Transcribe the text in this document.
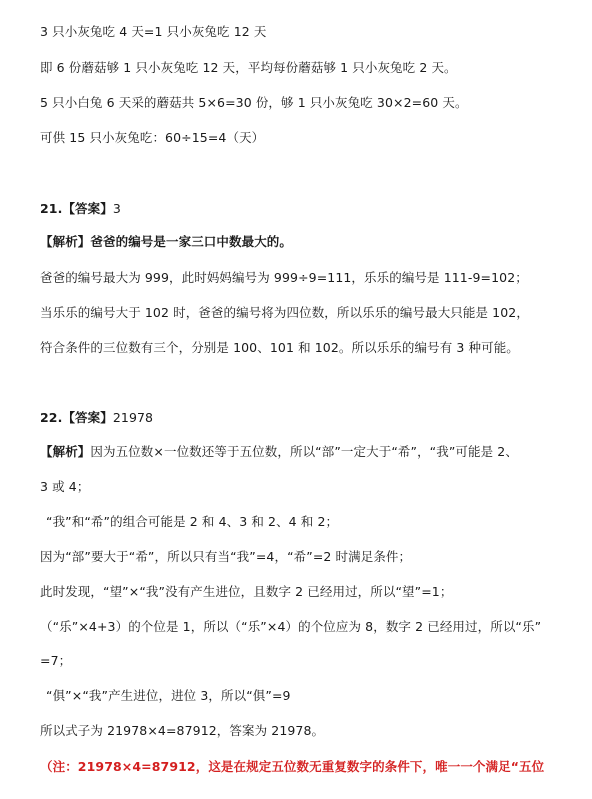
3 只小灰兔吃 4 天=1 只小灰兔吃 12 天
即 6 份蘑菇够 1 只小灰兔吃 12 天，平均每份蘑菇够 1 只小灰兔吃 2 天。
5 只小白兔 6 天采的蘑菇共 5×6=30 份，够 1 只小灰兔吃 30×2=60 天。
可供 15 只小灰兔吃：60÷15=4（天）
21.【答案】3
【解析】爸爸的编号是一家三口中数最大的。
爸爸的编号最大为 999，此时妈妈编号为 999÷9=111，乐乐的编号是 111-9=102；
当乐乐的编号大于 102 时，爸爸的编号将为四位数，所以乐乐的编号最大只能是 102，
符合条件的三位数有三个，分别是 100、101 和 102。所以乐乐的编号有 3 种可能。
22.【答案】21978
【解析】因为五位数×一位数还等于五位数，所以“部”一定大于“希”，“我”可能是 2、
3 或 4；
“我”和“希”的组合可能是 2 和 4、3 和 2、4 和 2；
因为“部”要大于“希”，所以只有当“我”=4，“希”=2 时满足条件；
此时发现，“望”×“我”没有产生进位，且数字 2 已经用过，所以“望”=1；
（“乐”×4+3）的个位是 1，所以（“乐”×4）的个位应为 8，数字 2 已经用过，所以“乐”
=7；
“俱”×“我”产生进位，进位 3，所以“俱”=9
所以式子为 21978×4=87912，答案为 21978。
（注：21978×4=87912，这是在规定五位数无重复数字的条件下，唯一一个满足“五位
